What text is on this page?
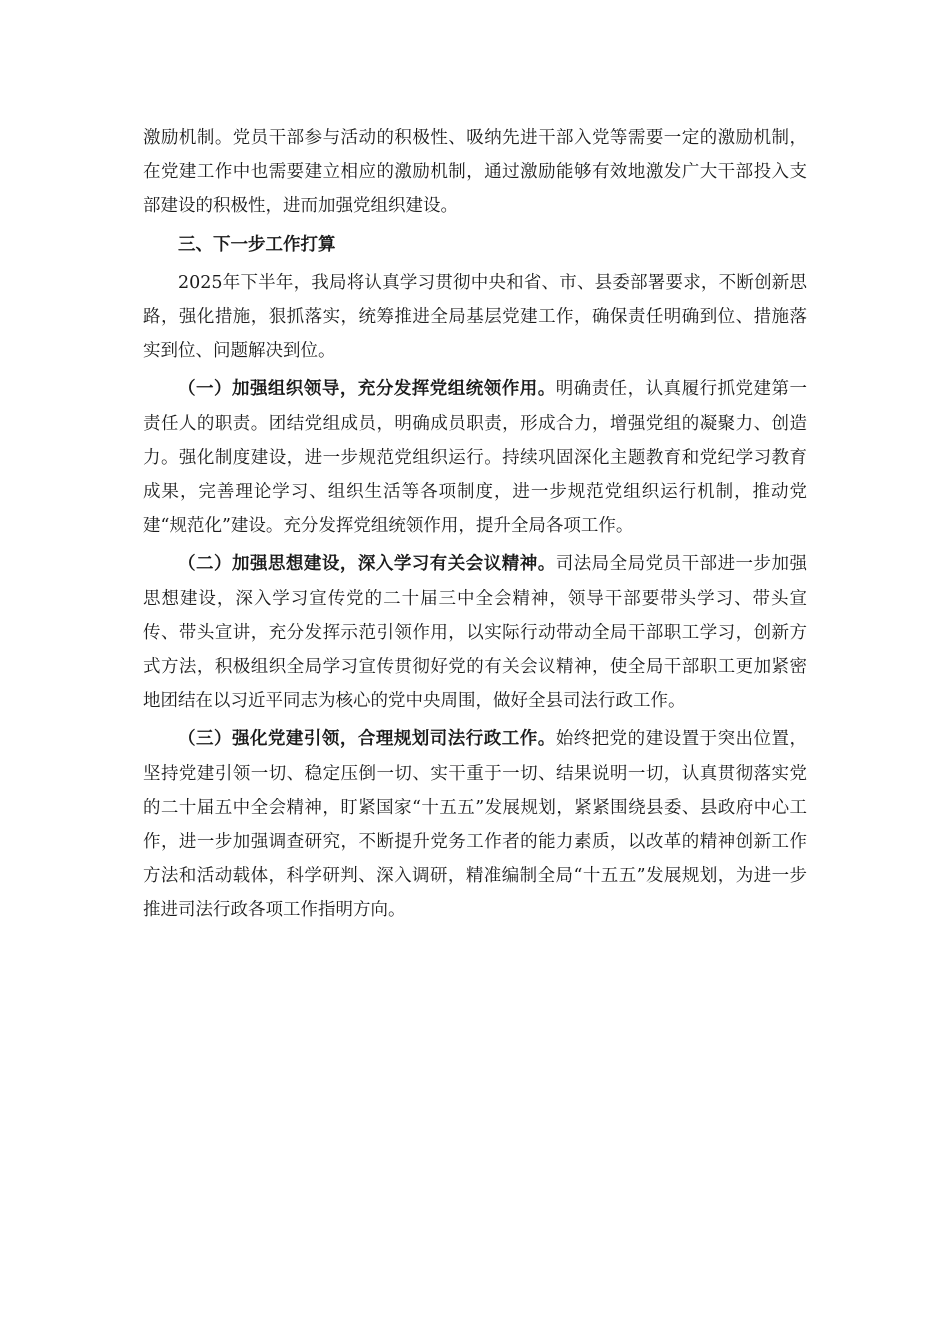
激励机制。党员干部参与活动的积极性、吸纳先进干部入党等需要一定的激励机制，在党建工作中也需要建立相应的激励机制，通过激励能够有效地激发广大干部投入支部建设的积极性，进而加强党组织建设。

三、下一步工作打算

2025年下半年，我局将认真学习贯彻中央和省、市、县委部署要求，不断创新思路，强化措施，狠抓落实，统筹推进全局基层党建工作，确保责任明确到位、措施落实到位、问题解决到位。

（一）加强组织领导，充分发挥党组统领作用。明确责任，认真履行抓党建第一责任人的职责。团结党组成员，明确成员职责，形成合力，增强党组的凝聚力、创造力。强化制度建设，进一步规范党组织运行。持续巩固深化主题教育和党纪学习教育成果，完善理论学习、组织生活等各项制度，进一步规范党组织运行机制，推动党建“规范化”建设。充分发挥党组统领作用，提升全局各项工作。

（二）加强思想建设，深入学习有关会议精神。司法局全局党员干部进一步加强思想建设，深入学习宣传党的二十届三中全会精神，领导干部要带头学习、带头宣传、带头宣讲，充分发挥示范引领作用，以实际行动带动全局干部职工学习，创新方式方法，积极组织全局学习宣传贯彻好党的有关会议精神，使全局干部职工更加紧密地团结在以习近平同志为核心的党中央周围，做好全县司法行政工作。

（三）强化党建引领，合理规划司法行政工作。始终把党的建设置于突出位置，坚持党建引领一切、稳定压倒一切、实干重于一切、结果说明一切，认真贯彻落实党的二十届五中全会精神，盯紧国家“十五五”发展规划，紧紧围绕县委、县政府中心工作，进一步加强调查研究，不断提升党务工作者的能力素质，以改革的精神创新工作方法和活动载体，科学研判、深入调研，精准编制全局“十五五”发展规划，为进一步推进司法行政各项工作指明方向。
